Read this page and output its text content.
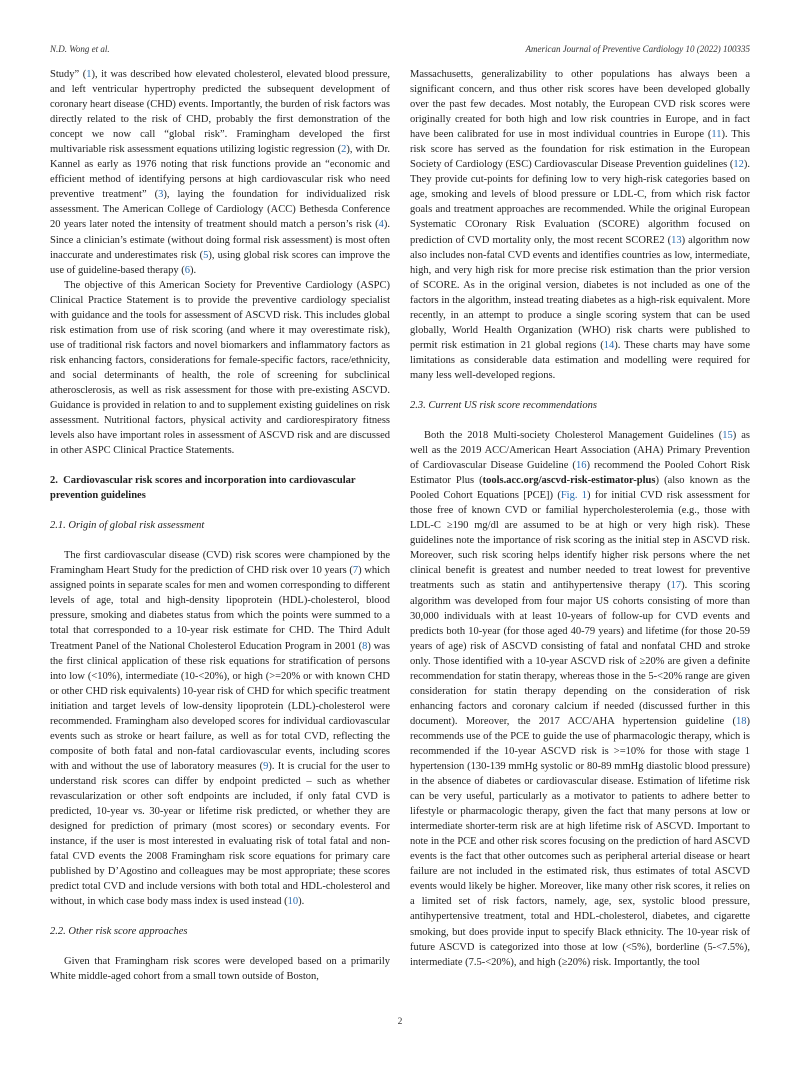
N.D. Wong et al.	American Journal of Preventive Cardiology 10 (2022) 100335

Study” (1), it was described how elevated cholesterol, elevated blood pressure, and left ventricular hypertrophy predicted the subsequent development of coronary heart disease (CHD) events. Importantly, the burden of risk factors was directly related to the risk of CHD, probably the first demonstration of the concept we now call “global risk”. Framingham developed the first multivariable risk assessment equations utilizing logistic regression (2), with Dr. Kannel as early as 1976 noting that risk functions provide an “economic and efficient method of identifying persons at high cardiovascular risk who need preventive treatment” (3), laying the foundation for individualized risk assessment. The American College of Cardiology (ACC) Bethesda Conference 20 years later noted the intensity of treatment should match a person’s risk (4). Since a clinician’s estimate (without doing formal risk assessment) is most often inaccurate and underestimates risk (5), using global risk scores can improve the use of guideline-based therapy (6).

The objective of this American Society for Preventive Cardiology (ASPC) Clinical Practice Statement is to provide the preventive cardiology specialist with guidance and the tools for assessment of ASCVD risk. This includes global risk estimation from use of risk scoring (and where it may overestimate risk), use of traditional risk factors and novel biomarkers and inflammatory factors as risk enhancing factors, considerations for female-specific factors, race/ethnicity, and social determinants of health, the role of screening for subclinical atherosclerosis, as well as risk assessment for those with pre-existing ASCVD. Guidance is provided in relation to and to supplement existing guidelines on risk assessment. Nutritional factors, physical activity and cardiorespiratory fitness levels also have important roles in assessment of ASCVD risk and are discussed in other ASPC Clinical Practice Statements.

2. Cardiovascular risk scores and incorporation into cardiovascular prevention guidelines

2.1. Origin of global risk assessment

The first cardiovascular disease (CVD) risk scores were championed by the Framingham Heart Study for the prediction of CHD risk over 10 years (7) which assigned points in separate scales for men and women corresponding to different levels of age, total and high-density lipoprotein (HDL)-cholesterol, blood pressure, smoking and diabetes status from which the points were summed to a total that corresponded to a 10-year risk estimate for CHD. The Third Adult Treatment Panel of the National Cholesterol Education Program in 2001 (8) was the first clinical application of these risk equations for stratification of persons into low (<10%), intermediate (10-<20%), or high (>=20% or with known CHD or other CHD risk equivalents) 10-year risk of CHD for which specific treatment initiation and target levels of low-density lipoprotein (LDL)-cholesterol were recommended. Framingham also developed scores for individual cardiovascular events such as stroke or heart failure, as well as for total CVD, reflecting the composite of both fatal and non-fatal cardiovascular events, including scores with and without the use of laboratory measures (9). It is crucial for the user to understand risk scores can differ by endpoint predicted – such as whether revascularization or other soft endpoints are included, if only fatal CVD is predicted, 10-year vs. 30-year or lifetime risk predicted, or whether they are designed for prediction of primary (most scores) or secondary events. For instance, if the user is most interested in evaluating risk of total fatal and non-fatal CVD events the 2008 Framingham risk score equations for primary care published by D’Agostino and colleagues may be most appropriate; these scores predict total CVD and include versions with both total and HDL-cholesterol and without, in which case body mass index is used instead (10).

2.2. Other risk score approaches

Given that Framingham risk scores were developed based on a primarily White middle-aged cohort from a small town outside of Boston,

Massachusetts, generalizability to other populations has always been a significant concern, and thus other risk scores have been developed globally over the past few decades. Most notably, the European CVD risk scores were originally created for both high and low risk countries in Europe, and in fact have been calibrated for use in most individual countries in Europe (11). This risk score has served as the foundation for risk estimation in the European Society of Cardiology (ESC) Cardiovascular Disease Prevention guidelines (12). They provide cut-points for defining low to very high-risk categories based on age, smoking and levels of blood pressure or LDL-C, from which risk factor goals and treatment approaches are recommended. While the original European Systematic COronary Risk Evaluation (SCORE) algorithm focused on prediction of CVD mortality only, the most recent SCORE2 (13) algorithm now also includes non-fatal CVD events and identifies countries as low, intermediate, high, and very high risk for more precise risk estimation than the prior version of SCORE. As in the original version, diabetes is not included as one of the factors in the algorithm, instead treating diabetes as a high-risk equivalent. More recently, in an attempt to produce a single scoring system that can be used globally, World Health Organization (WHO) risk charts were published to permit risk estimation in 21 global regions (14). These charts may have some limitations as considerable data estimation and modelling were required for many less well-developed regions.

2.3. Current US risk score recommendations

Both the 2018 Multi-society Cholesterol Management Guidelines (15) as well as the 2019 ACC/American Heart Association (AHA) Primary Prevention of Cardiovascular Disease Guideline (16) recommend the Pooled Cohort Risk Estimator Plus (tools.acc.org/ascvd-risk-estimator-plus) (also known as the Pooled Cohort Equations [PCE]) (Fig. 1) for initial CVD risk assessment for those free of known CVD or familial hypercholesterolemia (e.g., those with LDL-C ≥190 mg/dl are assumed to be at high or very high risk). These guidelines note the importance of risk scoring as the initial step in ASCVD risk. Moreover, such risk scoring helps identify higher risk persons where the net clinical benefit is greatest and number needed to treat lowest for preventive treatments such as statin and antihypertensive therapy (17). This scoring algorithm was developed from four major US cohorts consisting of more than 30,000 individuals with at least 10-years of follow-up for CVD events and predicts both 10-year (for those aged 40-79 years) and lifetime (for those 20-59 years of age) risk of ASCVD consisting of fatal and nonfatal CHD and stroke only. Those identified with a 10-year ASCVD risk of ≥20% are given a definite recommendation for statin therapy, whereas those in the 5-<20% range are given consideration for statin therapy depending on the consideration of risk enhancing factors and coronary calcium if needed (discussed further in this document). Moreover, the 2017 ACC/AHA hypertension guideline (18) recommends use of the PCE to guide the use of pharmacologic therapy, which is recommended if the 10-year ASCVD risk is >=10% for those with stage 1 hypertension (130-139 mmHg systolic or 80-89 mmHg diastolic blood pressure) in the absence of diabetes or cardiovascular disease. Estimation of lifetime risk can be very useful, particularly as a motivator to patients to adhere better to lifestyle or pharmacologic therapy, given the fact that many persons at low or intermediate shorter-term risk are at high lifetime risk of ASCVD. Important to note in the PCE and other risk scores focusing on the prediction of hard ASCVD events is the fact that other outcomes such as peripheral arterial disease or heart failure are not included in the estimated risk, thus estimates of total ASCVD events would likely be higher. Moreover, like many other risk scores, it relies on a limited set of risk factors, namely, age, sex, systolic blood pressure, antihypertensive treatment, total and HDL-cholesterol, diabetes, and cigarette smoking, but does provide input to specify Black ethnicity. The 10-year risk of future ASCVD is categorized into those at low (<5%), borderline (5-<7.5%), intermediate (7.5-<20%), and high (≥20%) risk. Importantly, the tool

2
